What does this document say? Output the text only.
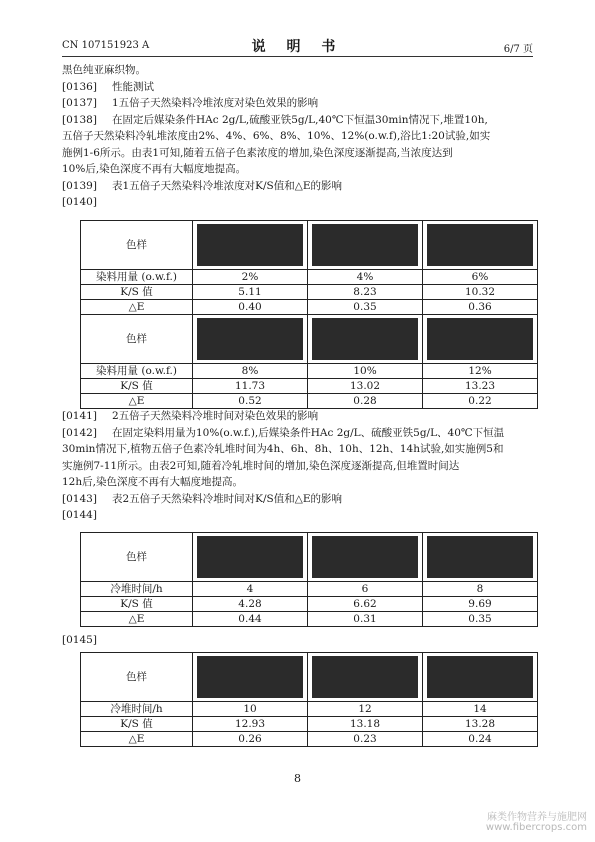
CN 107151923 A	说 明 书	6/7 页

黑色纯亚麻织物。

[0136] 性能测试

[0137] 1五倍子天然染料冷堆浓度对染色效果的影响

[0138] 在固定后媒染条件HAc 2g/L,硫酸亚铁5g/L,40℃下恒温30min情况下,堆置10h,

五倍子天然染料冷轧堆浓度由2%、4%、6%、8%、10%、12%(o.w.f),浴比1:20试验,如实

施例1-6所示。由表1可知,随着五倍子色素浓度的增加,染色深度逐渐提高,当浓度达到

10%后,染色深度不再有大幅度地提高。

[0139] 表1五倍子天然染料冷堆浓度对K/S值和△E的影响

[0140]

色样	

染料用量 (o.w.f.)	2%	4%	6%
K/S 值	5.11	8.23	10.32
△E	0.40	0.35	0.36
色样	

染料用量 (o.w.f.)	8%	10%	12%
K/S 值	11.73	13.02	13.23
△E	0.52	0.28	0.22

[0141] 2五倍子天然染料冷堆时间对染色效果的影响

[0142] 在固定染料用量为10%(o.w.f.),后媒染条件HAc 2g/L、硫酸亚铁5g/L、40℃下恒温

30min情况下,植物五倍子色素冷轧堆时间为4h、6h、8h、10h、12h、14h试验,如实施例5和

实施例7-11所示。由表2可知,随着冷轧堆时间的增加,染色深度逐渐提高,但堆置时间达

12h后,染色深度不再有大幅度地提高。

[0143] 表2五倍子天然染料冷堆时间对K/S值和△E的影响

[0144]

色样	

冷堆时间/h	4	6	8
K/S 值	4.28	6.62	9.69
△E	0.44	0.31	0.35

[0145]

色样	

冷堆时间/h	10	12	14
K/S 值	12.93	13.18	13.28
△E	0.26	0.23	0.24
8
麻类作物营养与施肥网
www.fibercrops.com
